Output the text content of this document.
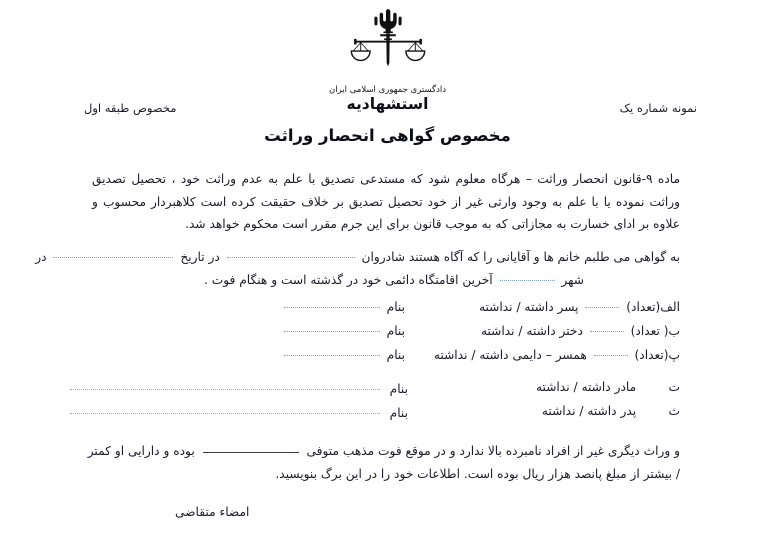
دادگستری جمهوری اسلامی ایران
مخصوص طبقه اول	نمونه شماره یک
استشهادیه
مخصوص گواهی انحصار وراثت
ماده ۹-قانون انحصار وراثت – هرگاه معلوم شود که مستدعی تصدیق با علم به عدم وراثت خود ، تحصیل تصدیق وراثت نموده یا با علم به وجود وارثی غیر از خود تحصیل تصدیق بر خلاف حقیقت کرده است کلاهبردار محسوب و علاوه بر ادای خسارت به مجازاتی که به موجب قانون برای این جرم مقرر است محکوم خواهد شد.
به گواهی می طلبم خانم ها و آقایانی را که آگاه هستند شادروان  در تاریخ  در
شهر  آخرین اقامتگاه دائمی خود در گذشته است و هنگام فوت .
الف(تعداد)  پسر داشته / نداشته
بنام
ب( تعداد)  دختر داشته / نداشته
بنام
پ(تعداد)  همسر – دایمی داشته / نداشته
بنام
ت مادر داشته / نداشته
بنام
ث پدر داشته / نداشته
بنام
و وراث دیگری غیر از افراد نامبرده بالا ندارد و در موقع فوت مذهب متوفی  بوده و دارایی او کمتر / بیشتر از مبلغ پانصد هزار ریال بوده است. اطلاعات خود را در این برگ بنویسید.
امضاء متقاضی
